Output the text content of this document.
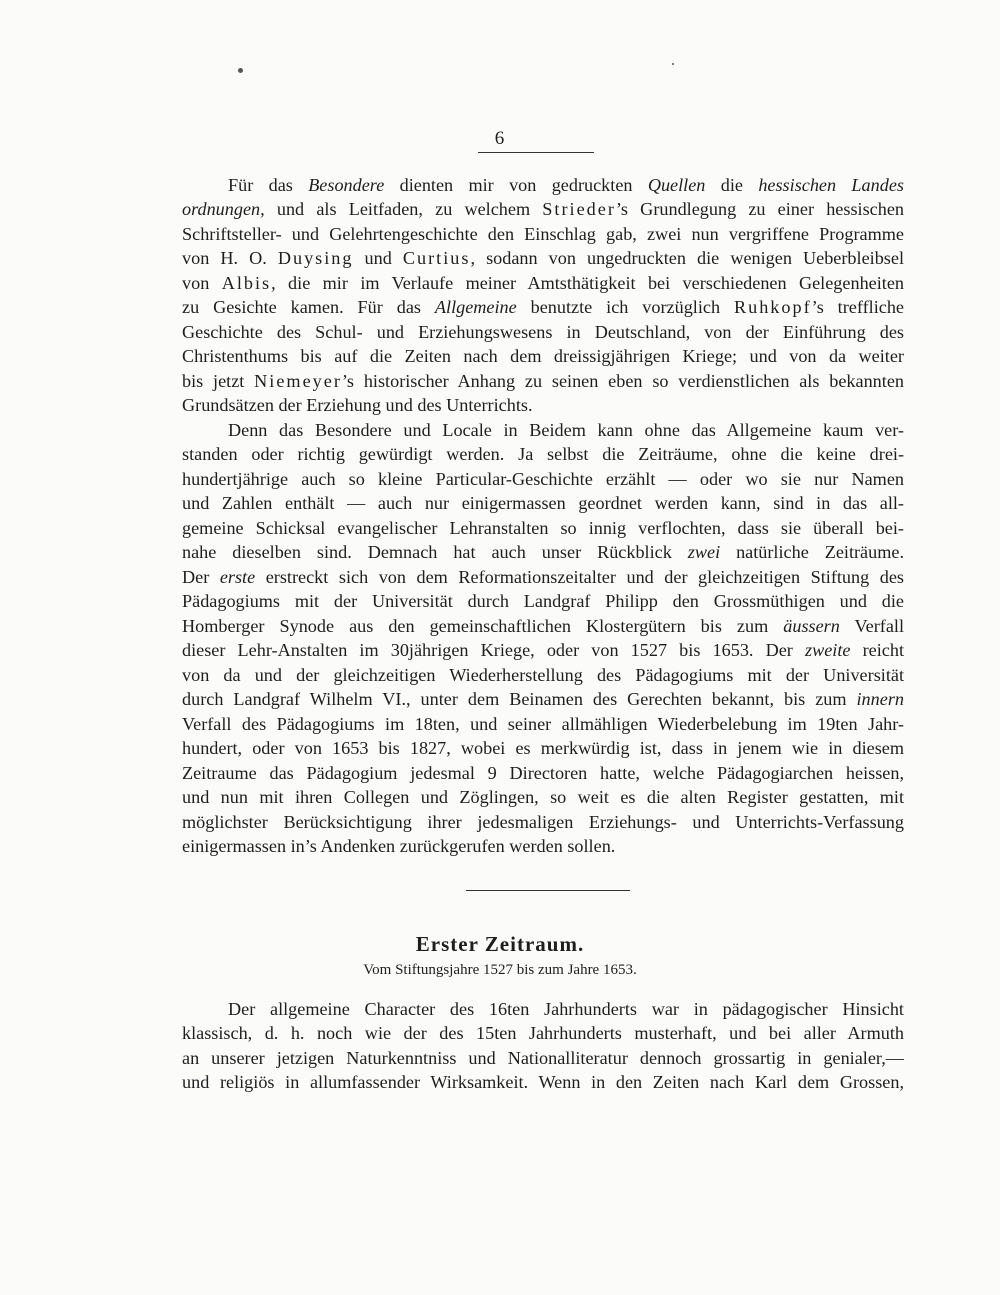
6
Für das Besondere dienten mir von gedruckten Quellen die hessischen Landes
ordnungen, und als Leitfaden, zu welchem Strieder’s Grundlegung zu einer hessischen
Schriftsteller- und Gelehrtengeschichte den Einschlag gab, zwei nun vergriffene Programme
von H. O. Duysing und Curtius, sodann von ungedruckten die wenigen Ueberbleibsel
von Albis, die mir im Verlaufe meiner Amtsthätigkeit bei verschiedenen Gelegenheiten
zu Gesichte kamen. Für das Allgemeine benutzte ich vorzüglich Ruhkopf’s treffliche
Geschichte des Schul- und Erziehungswesens in Deutschland, von der Einführung des
Christenthums bis auf die Zeiten nach dem dreissigjährigen Kriege; und von da weiter
bis jetzt Niemeyer’s historischer Anhang zu seinen eben so verdienstlichen als bekannten
Grundsätzen der Erziehung und des Unterrichts.
Denn das Besondere und Locale in Beidem kann ohne das Allgemeine kaum ver-
standen oder richtig gewürdigt werden. Ja selbst die Zeiträume, ohne die keine drei-
hundertjährige auch so kleine Particular-Geschichte erzählt — oder wo sie nur Namen
und Zahlen enthält — auch nur einigermassen geordnet werden kann, sind in das all-
gemeine Schicksal evangelischer Lehranstalten so innig verflochten, dass sie überall bei-
nahe dieselben sind. Demnach hat auch unser Rückblick zwei natürliche Zeiträume.
Der erste erstreckt sich von dem Reformationszeitalter und der gleichzeitigen Stiftung des
Pädagogiums mit der Universität durch Landgraf Philipp den Grossmüthigen und die
Homberger Synode aus den gemeinschaftlichen Klostergütern bis zum äussern Verfall
dieser Lehr-Anstalten im 30jährigen Kriege, oder von 1527 bis 1653. Der zweite reicht
von da und der gleichzeitigen Wiederherstellung des Pädagogiums mit der Universität
durch Landgraf Wilhelm VI., unter dem Beinamen des Gerechten bekannt, bis zum innern
Verfall des Pädagogiums im 18ten, und seiner allmähligen Wiederbelebung im 19ten Jahr-
hundert, oder von 1653 bis 1827, wobei es merkwürdig ist, dass in jenem wie in diesem
Zeitraume das Pädagogium jedesmal 9 Directoren hatte, welche Pädagogiarchen heissen,
und nun mit ihren Collegen und Zöglingen, so weit es die alten Register gestatten, mit
möglichster Berücksichtigung ihrer jedesmaligen Erziehungs- und Unterrichts-Verfassung
einigermassen in’s Andenken zurückgerufen werden sollen.
Erster Zeitraum.
Vom Stiftungsjahre 1527 bis zum Jahre 1653.
Der allgemeine Character des 16ten Jahrhunderts war in pädagogischer Hinsicht
klassisch, d. h. noch wie der des 15ten Jahrhunderts musterhaft, und bei aller Armuth
an unserer jetzigen Naturkenntniss und Nationalliteratur dennoch grossartig in genialer,—
und religiös in allumfassender Wirksamkeit. Wenn in den Zeiten nach Karl dem Grossen,
